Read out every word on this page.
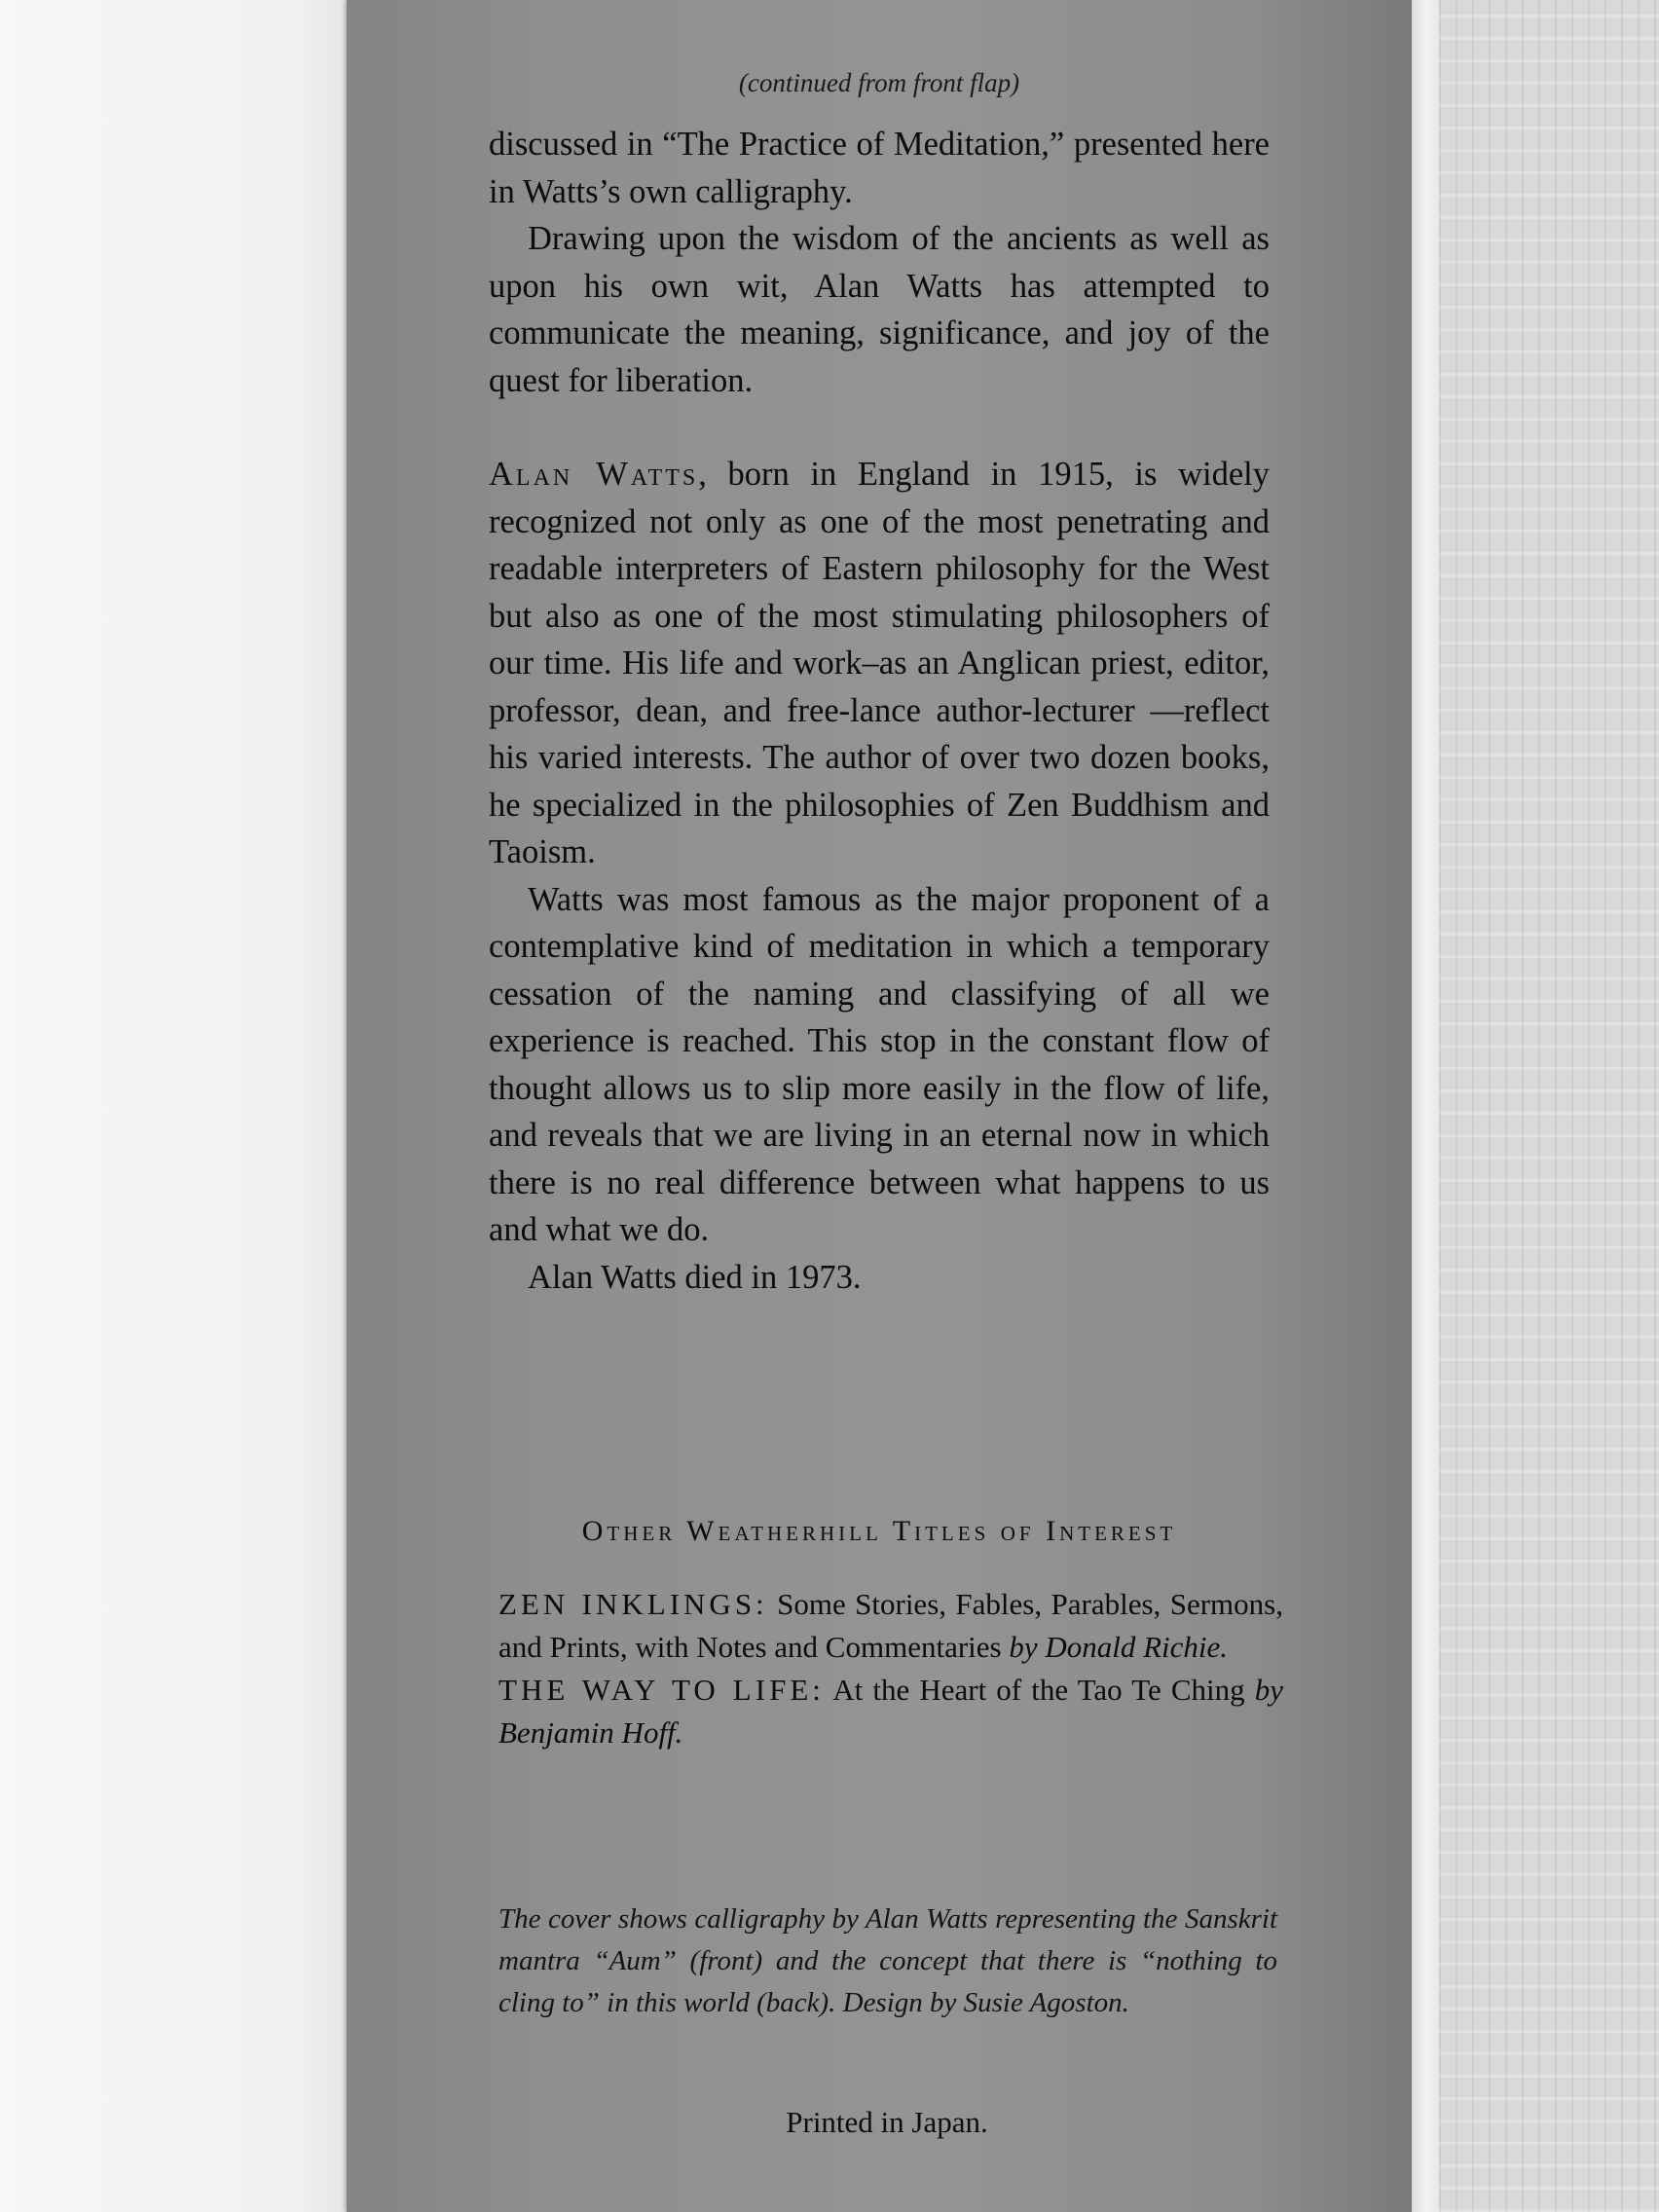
(continued from front flap)

discussed in “The Practice of Meditation,” presented here in Watts’s own calligraphy.

Drawing upon the wisdom of the ancients as well as upon his own wit, Alan Watts has attempted to communicate the meaning, significance, and joy of the quest for liberation.

Alan Watts, born in England in 1915, is widely recognized not only as one of the most penetrating and readable interpreters of Eastern philosophy for the West but also as one of the most stimulating philosophers of our time. His life and work–as an Anglican priest, editor, professor, dean, and free-lance author-lecturer —reflect his varied interests. The author of over two dozen books, he specialized in the philosophies of Zen Buddhism and Taoism.

Watts was most famous as the major proponent of a contemplative kind of meditation in which a temporary cessation of the naming and classifying of all we experience is reached. This stop in the constant flow of thought allows us to slip more easily in the flow of life, and reveals that we are living in an eternal now in which there is no real difference between what happens to us and what we do.

Alan Watts died in 1973.

Other Weatherhill Titles of Interest

ZEN INKLINGS: Some Stories, Fables, Parables, Sermons, and Prints, with Notes and Commentaries by Donald Richie.

THE WAY TO LIFE: At the Heart of the Tao Te Ching by Benjamin Hoff.

The cover shows calligraphy by Alan Watts representing the Sanskrit mantra “Aum” (front) and the concept that there is “nothing to cling to” in this world (back). Design by Susie Agoston.
Printed in Japan.
